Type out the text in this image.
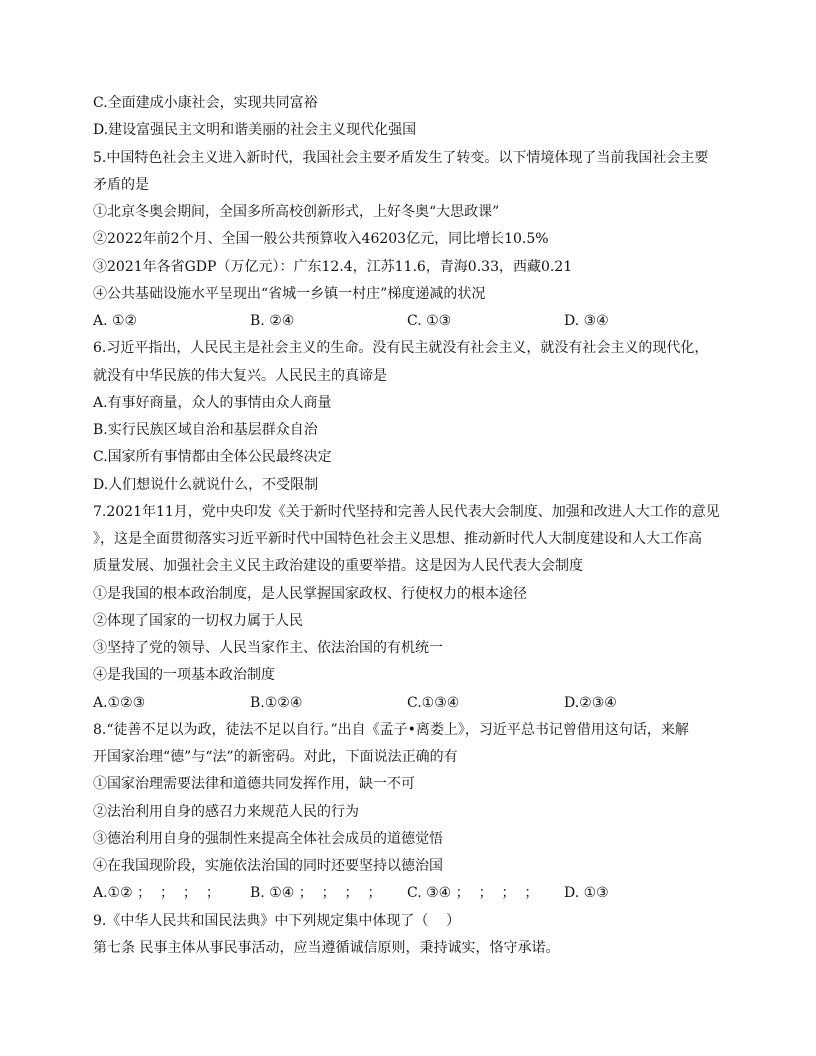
C.全面建成小康社会，实现共同富裕
D.建设富强民主文明和谐美丽的社会主义现代化强国
5.中国特色社会主义进入新时代，我国社会主要矛盾发生了转变。以下情境体现了当前我国社会主要
矛盾的是
①北京冬奥会期间，全国多所高校创新形式，上好冬奥“大思政课”
②2022年前2个月、全国一般公共预算收入46203亿元，同比增长10.5%
③2021年各省GDP（万亿元）：广东12.4，江苏11.6，青海0.33，西藏0.21
④公共基础设施水平呈现出“省城一乡镇一村庄”梯度递减的状况
A. ①②	B. ②④	C. ①③	D. ③④
6.习近平指出，人民民主是社会主义的生命。没有民主就没有社会主义，就没有社会主义的现代化，
就没有中华民族的伟大复兴。人民民主的真谛是
A.有事好商量，众人的事情由众人商量
B.实行民族区域自治和基层群众自治
C.国家所有事情都由全体公民最终决定
D.人们想说什么就说什么，不受限制
7.2021年11月，党中央印发《关于新时代坚持和完善人民代表大会制度、加强和改进人大工作的意见
》，这是全面贯彻落实习近平新时代中国特色社会主义思想、推动新时代人大制度建设和人大工作高
质量发展、加强社会主义民主政治建设的重要举措。这是因为人民代表大会制度
①是我国的根本政治制度，是人民掌握国家政权、行使权力的根本途径
②体现了国家的一切权力属于人民
③坚持了党的领导、人民当家作主、依法治国的有机统一
④是我国的一项基本政治制度
A.①②③	B.①②④	C.①③④	D.②③④
8.“徒善不足以为政，徒法不足以自行。”出自《孟子•离娄上》，习近平总书记曾借用这句话，来解
开国家治理“德”与“法”的新密码。对此，下面说法正确的有
①国家治理需要法律和道德共同发挥作用，缺一不可
②法治利用自身的感召力来规范人民的行为
③德治利用自身的强制性来提高全体社会成员的道德觉悟
④在我国现阶段，实施依法治国的同时还要坚持以德治国
A.①② ；  ；  ；  ；	B. ①④ ；  ；  ；  ；	C. ③④ ；  ；  ；  ；	D. ①③
9.《中华人民共和国民法典》中下列规定集中体现了（    ）
第七条 民事主体从事民事活动，应当遵循诚信原则，秉持诚实，恪守承诺。
